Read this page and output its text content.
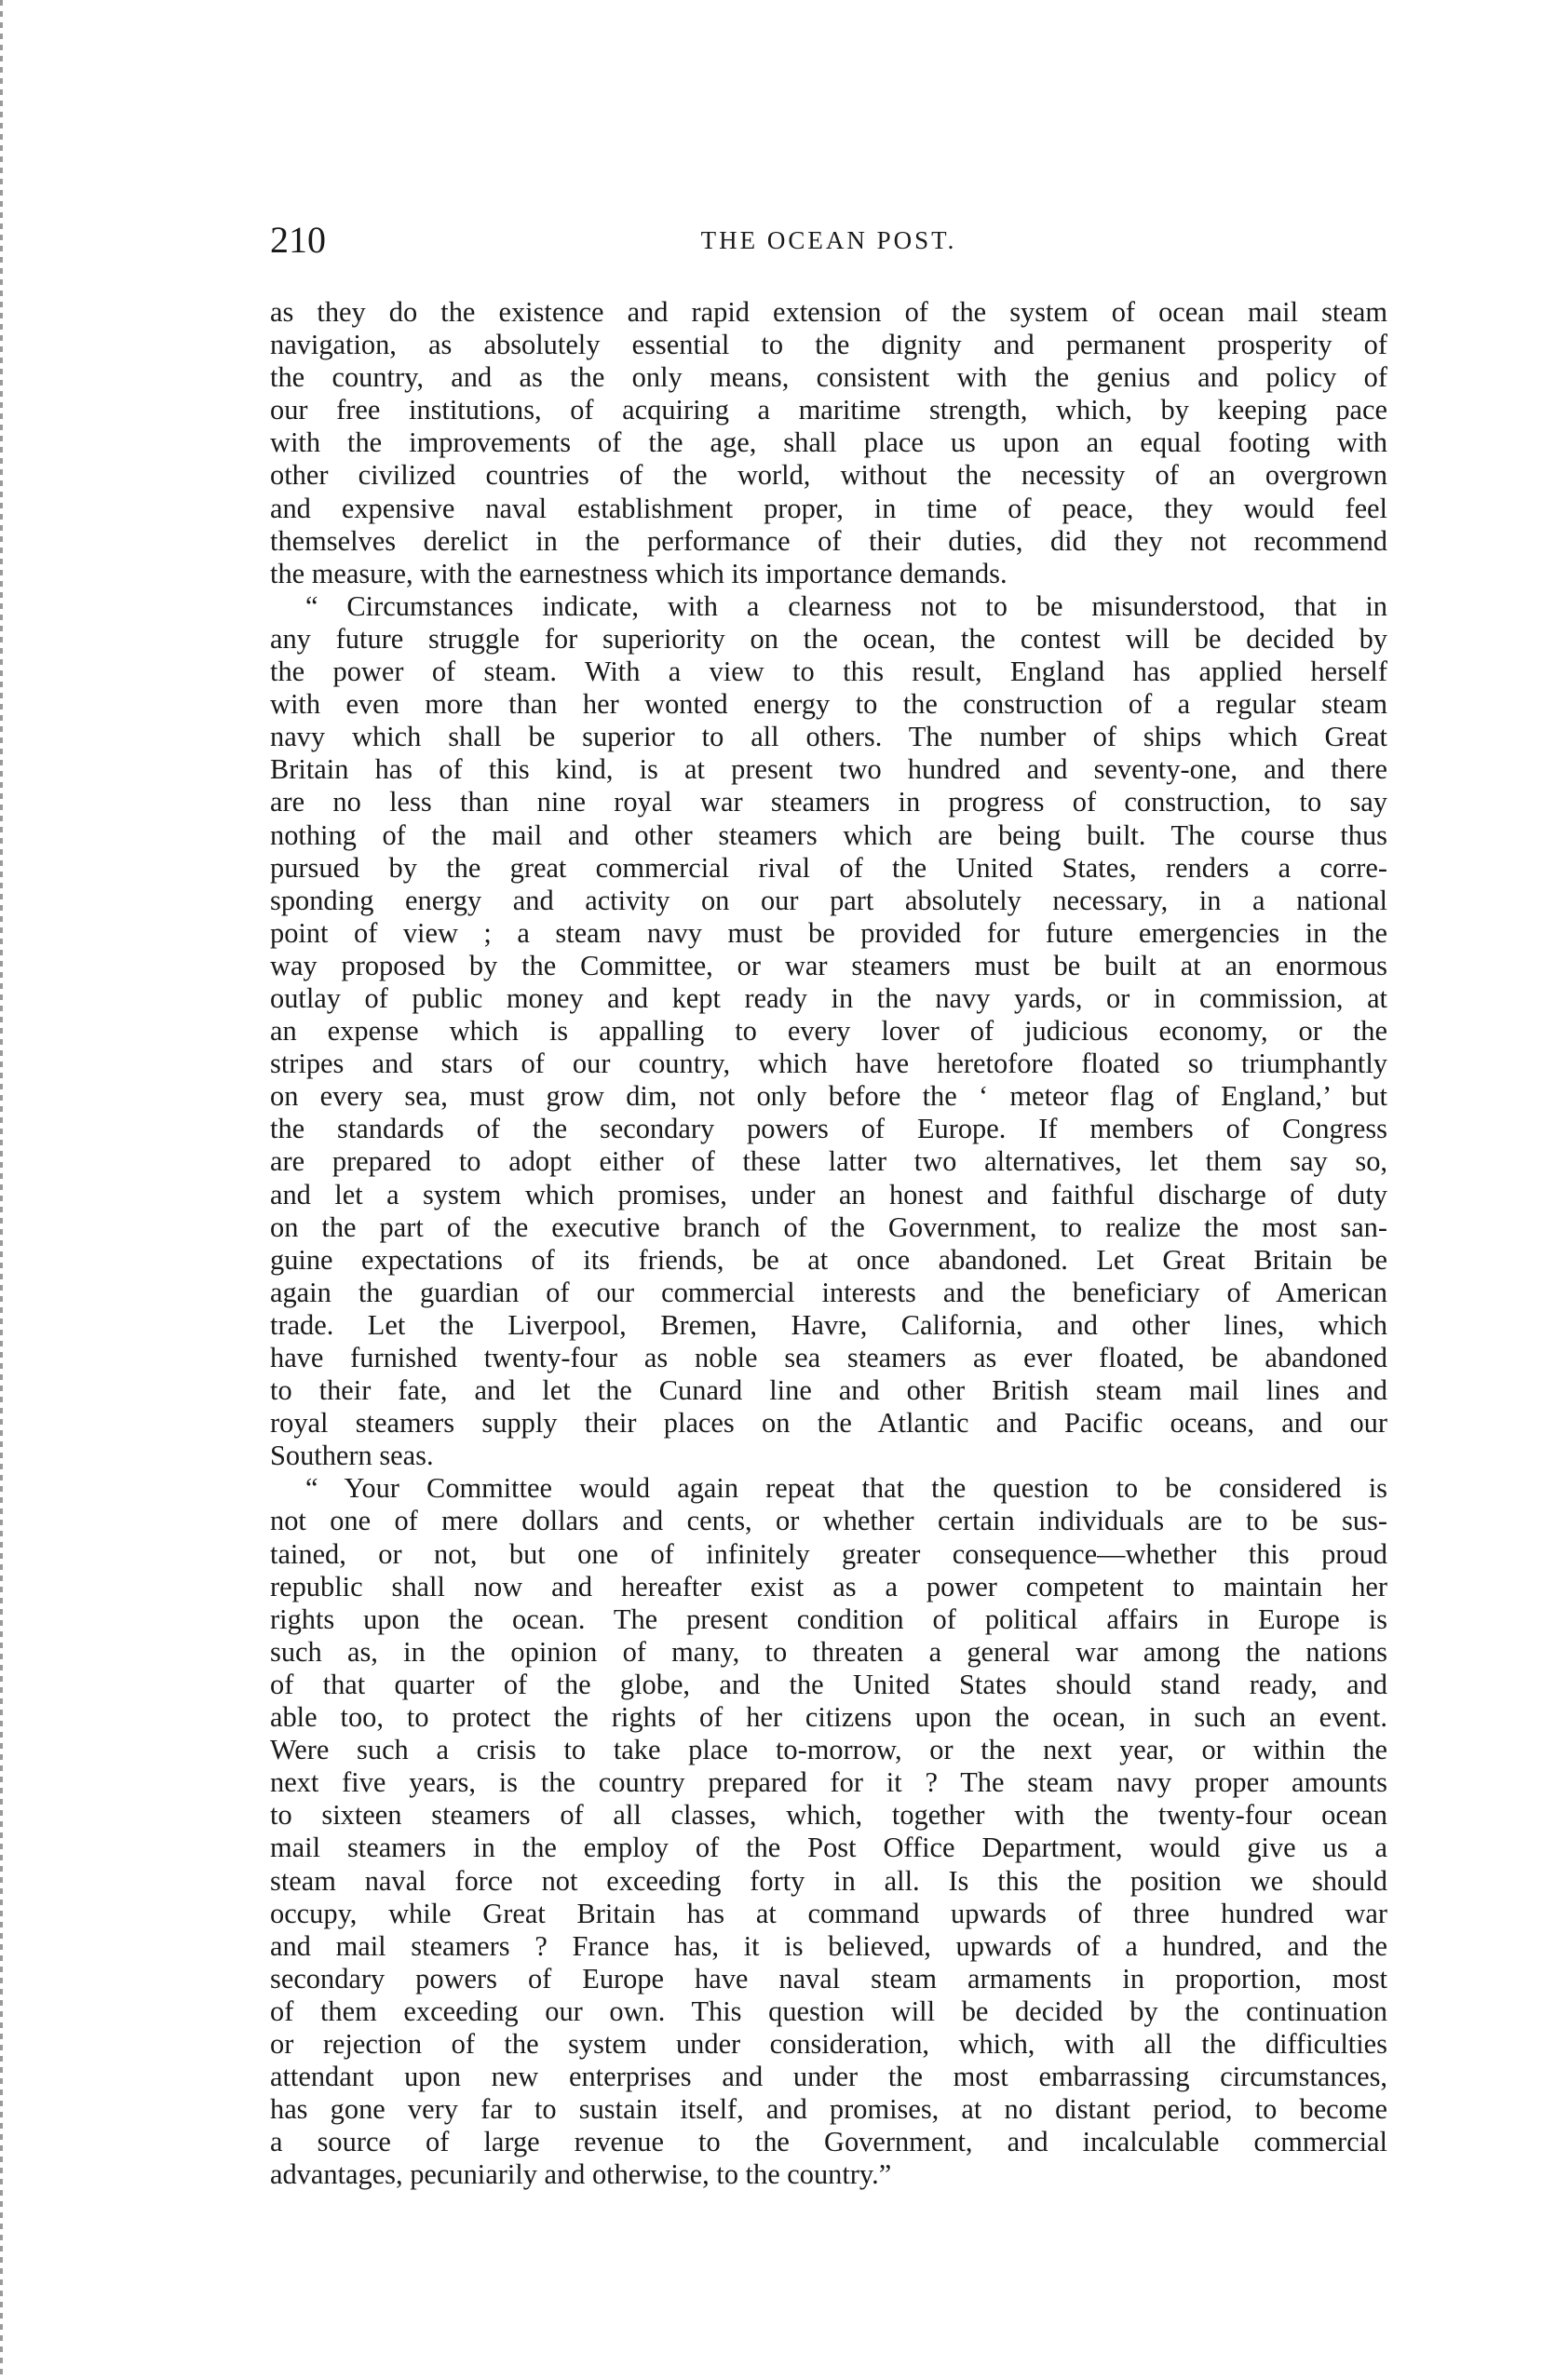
210	THE OCEAN POST.

as they do the existence and rapid extension of the system of ocean mail steam
navigation, as absolutely essential to the dignity and permanent prosperity of
the country, and as the only means, consistent with the genius and policy of
our free institutions, of acquiring a maritime strength, which, by keeping pace
with the improvements of the age, shall place us upon an equal footing with
other civilized countries of the world, without the necessity of an overgrown
and expensive naval establishment proper, in time of peace, they would feel
themselves derelict in the performance of their duties, did they not recommend
the measure, with the earnestness which its importance demands.

“ Circumstances indicate, with a clearness not to be misunderstood, that in
any future struggle for superiority on the ocean, the contest will be decided by
the power of steam. With a view to this result, England has applied herself
with even more than her wonted energy to the construction of a regular steam
navy which shall be superior to all others. The number of ships which Great
Britain has of this kind, is at present two hundred and seventy-one, and there
are no less than nine royal war steamers in progress of construction, to say
nothing of the mail and other steamers which are being built. The course thus
pursued by the great commercial rival of the United States, renders a corre-
sponding energy and activity on our part absolutely necessary, in a national
point of view ; a steam navy must be provided for future emergencies in the
way proposed by the Committee, or war steamers must be built at an enormous
outlay of public money and kept ready in the navy yards, or in commission, at
an expense which is appalling to every lover of judicious economy, or the
stripes and stars of our country, which have heretofore floated so triumphantly
on every sea, must grow dim, not only before the ‘ meteor flag of England,’ but
the standards of the secondary powers of Europe. If members of Congress
are prepared to adopt either of these latter two alternatives, let them say so,
and let a system which promises, under an honest and faithful discharge of duty
on the part of the executive branch of the Government, to realize the most san-
guine expectations of its friends, be at once abandoned. Let Great Britain be
again the guardian of our commercial interests and the beneficiary of American
trade. Let the Liverpool, Bremen, Havre, California, and other lines, which
have furnished twenty-four as noble sea steamers as ever floated, be abandoned
to their fate, and let the Cunard line and other British steam mail lines and
royal steamers supply their places on the Atlantic and Pacific oceans, and our
Southern seas.

“ Your Committee would again repeat that the question to be considered is
not one of mere dollars and cents, or whether certain individuals are to be sus-
tained, or not, but one of infinitely greater consequence—whether this proud
republic shall now and hereafter exist as a power competent to maintain her
rights upon the ocean. The present condition of political affairs in Europe is
such as, in the opinion of many, to threaten a general war among the nations
of that quarter of the globe, and the United States should stand ready, and
able too, to protect the rights of her citizens upon the ocean, in such an event.
Were such a crisis to take place to-morrow, or the next year, or within the
next five years, is the country prepared for it ? The steam navy proper amounts
to sixteen steamers of all classes, which, together with the twenty-four ocean
mail steamers in the employ of the Post Office Department, would give us a
steam naval force not exceeding forty in all. Is this the position we should
occupy, while Great Britain has at command upwards of three hundred war
and mail steamers ? France has, it is believed, upwards of a hundred, and the
secondary powers of Europe have naval steam armaments in proportion, most
of them exceeding our own. This question will be decided by the continuation
or rejection of the system under consideration, which, with all the difficulties
attendant upon new enterprises and under the most embarrassing circumstances,
has gone very far to sustain itself, and promises, at no distant period, to become
a source of large revenue to the Government, and incalculable commercial
advantages, pecuniarily and otherwise, to the country.”
